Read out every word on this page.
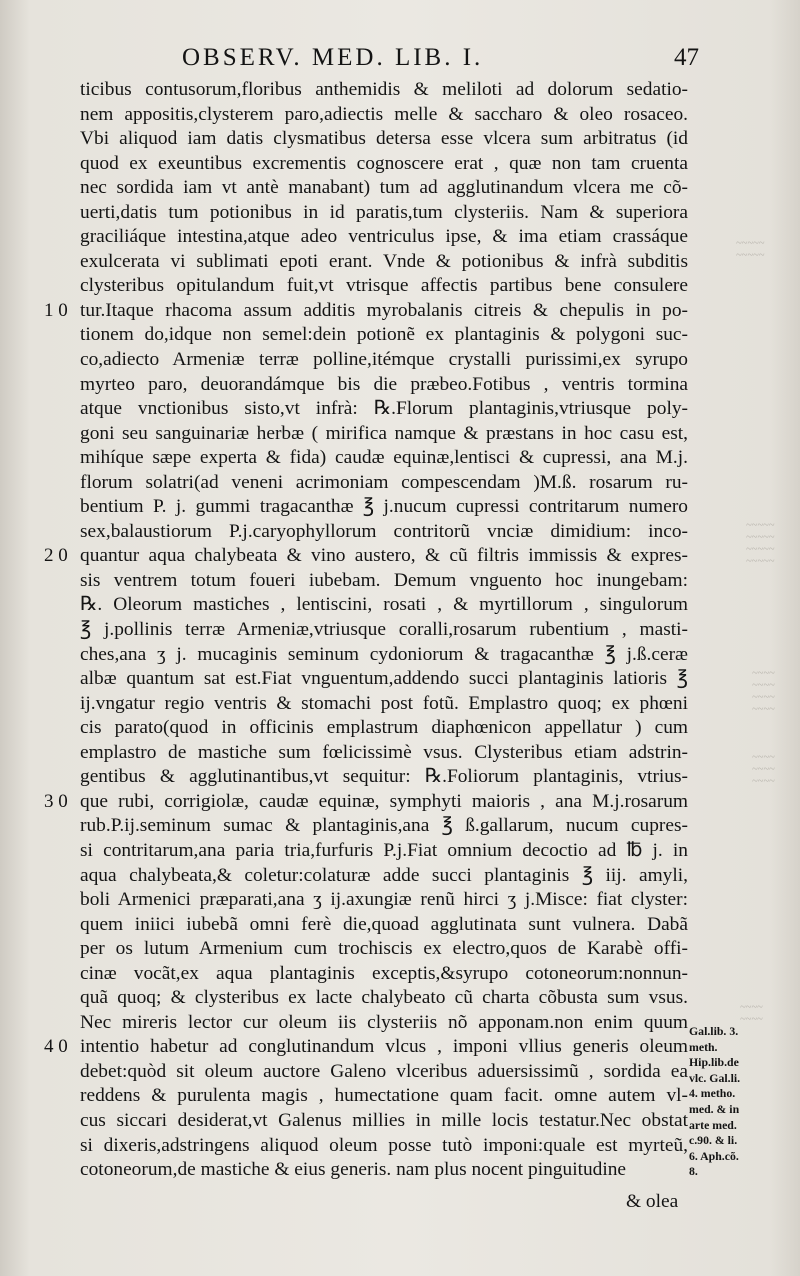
OBSERV. MED. LIB. I.	47
1 0
2 0
3 0
4 0
ticibus contusorum,floribus anthemidis & meliloti ad dolorum sedatio-
nem appositis,clysterem paro,adiectis melle & saccharo & oleo rosaceo.
Vbi aliquod iam datis clysmatibus detersa esse vlcera sum arbitratus (id
quod ex exeuntibus excrementis cognoscere erat , quæ non tam cruenta
nec sordida iam vt antè manabant) tum ad agglutinandum vlcera me cõ-
uerti,datis tum potionibus in id paratis,tum clysteriis. Nam & superiora
graciliáque intestina,atque adeo ventriculus ipse, & ima etiam crassáque
exulcerata vi sublimati epoti erant. Vnde & potionibus & infrà subditis
clysteribus opitulandum fuit,vt vtrisque affectis partibus bene consulere
tur.Itaque rhacoma assum additis myrobalanis citreis & chepulis in po-
tionem do,idque non semel:dein potionẽ ex plantaginis & polygoni suc-
co,adiecto Armeniæ terræ polline,itémque crystalli purissimi,ex syrupo
myrteo paro, deuorandámque bis die præbeo.Fotibus , ventris tormina
atque vnctionibus sisto,vt infrà: ℞.Florum plantaginis,vtriusque poly-
goni seu sanguinariæ herbæ ( mirifica namque & præstans in hoc casu est,
mihíque sæpe experta & fida) caudæ equinæ,lentisci & cupressi, ana M.j.
florum solatri(ad veneni acrimoniam compescendam )M.ß. rosarum ru-
bentium P. j. gummi tragacanthæ ℥ j.nucum cupressi contritarum numero
sex,balaustiorum P.j.caryophyllorum contritorũ vnciæ dimidium: inco-
quantur aqua chalybeata & vino austero, & cũ filtris immissis & expres-
sis ventrem totum foueri iubebam. Demum vnguento hoc inungebam:
℞. Oleorum mastiches , lentiscini, rosati , & myrtillorum , singulorum
℥ j.pollinis terræ Armeniæ,vtriusque coralli,rosarum rubentium , masti-
ches,ana ʒ j. mucaginis seminum cydoniorum & tragacanthæ ℥ j.ß.ceræ
albæ quantum sat est.Fiat vnguentum,addendo succi plantaginis latioris ℥
ij.vngatur regio ventris & stomachi post fotũ. Emplastro quoq; ex phœni
cis parato(quod in officinis emplastrum diaphœnicon appellatur ) cum
emplastro de mastiche sum fœlicissimè vsus. Clysteribus etiam adstrin-
gentibus & agglutinantibus,vt sequitur: ℞.Foliorum plantaginis, vtrius-
que rubi, corrigiolæ, caudæ equinæ, symphyti maioris , ana M.j.rosarum
rub.P.ij.seminum sumac & plantaginis,ana ℥ ß.gallarum, nucum cupres-
si contritarum,ana paria tria,furfuris P.j.Fiat omnium decoctio ad ℔ j. in
aqua chalybeata,& coletur:colaturæ adde succi plantaginis ℥ iij. amyli,
boli Armenici præparati,ana ʒ ij.axungiæ renũ hirci ʒ j.Misce: fiat clyster:
quem iniici iubebã omni ferè die,quoad agglutinata sunt vulnera. Dabã
per os lutum Armenium cum trochiscis ex electro,quos de Karabè offi-
cinæ vocãt,ex aqua plantaginis exceptis,&syrupo cotoneorum:nonnun-
quã quoq; & clysteribus ex lacte chalybeato cũ charta cõbusta sum vsus.
Nec mireris lector cur oleum iis clysteriis nõ apponam.non enim quum
intentio habetur ad conglutinandum vlcus , imponi vllius generis oleum
debet:quòd sit oleum auctore Galeno vlceribus aduersissimũ , sordida ea
reddens & purulenta magis , humectatione quam facit. omne autem vl-
cus siccari desiderat,vt Galenus millies in mille locis testatur.Nec obstat
si dixeris,adstringens aliquod oleum posse tutò imponi:quale est myrteũ,
cotoneorum,de mastiche & eius generis. nam plus nocent pinguitudine
Gal.lib. 3.
meth.
Hip.lib.de
vlc. Gal.li.
4. metho.
med. & in
arte med.
c.90. & li.
6. Aph.cõ.
8.
& olea
~~~~~
~~~~~
~~~~~
~~~~~
~~~~~
~~~~~
~~~~
~~~~
~~~~
~~~~
~~~~
~~~~
~~~~
~~~~
~~~~
